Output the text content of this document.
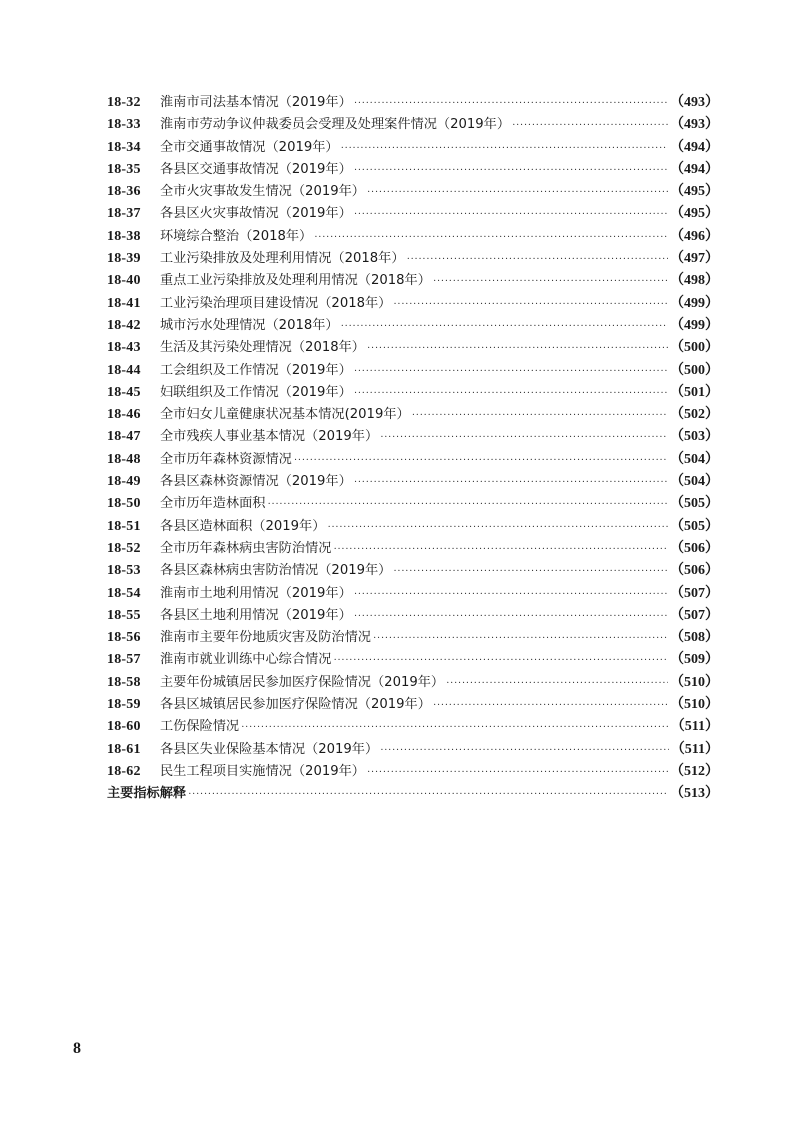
18-32	淮南市司法基本情况（2019年） ·····	（493）
18-33	淮南市劳动争议仲裁委员会受理及处理案件情况（2019年） ·····	（493）
18-34	全市交通事故情况（2019年） ·····	（494）
18-35	各县区交通事故情况（2019年） ·····	（494）
18-36	全市火灾事故发生情况（2019年） ·····	（495）
18-37	各县区火灾事故情况（2019年） ·····	（495）
18-38	环境综合整治（2018年） ·····	（496）
18-39	工业污染排放及处理利用情况（2018年） ·····	（497）
18-40	重点工业污染排放及处理利用情况（2018年） ·····	（498）
18-41	工业污染治理项目建设情况（2018年） ·····	（499）
18-42	城市污水处理情况（2018年） ·····	（499）
18-43	生活及其污染处理情况（2018年） ·····	（500）
18-44	工会组织及工作情况（2019年） ·····	（500）
18-45	妇联组织及工作情况（2019年） ·····	（501）
18-46	全市妇女儿童健康状况基本情况(2019年） ·····	（502）
18-47	全市残疾人事业基本情况（2019年） ·····	（503）
18-48	全市历年森林资源情况 ·····	（504）
18-49	各县区森林资源情况（2019年） ·····	（504）
18-50	全市历年造林面积 ·····	（505）
18-51	各县区造林面积（2019年） ·····	（505）
18-52	全市历年森林病虫害防治情况 ·····	（506）
18-53	各县区森林病虫害防治情况（2019年） ·····	（506）
18-54	淮南市土地利用情况（2019年） ·····	（507）
18-55	各县区土地利用情况（2019年） ·····	（507）
18-56	淮南市主要年份地质灾害及防治情况 ·····	（508）
18-57	淮南市就业训练中心综合情况 ·····	（509）
18-58	主要年份城镇居民参加医疗保险情况（2019年） ·····	（510）
18-59	各县区城镇居民参加医疗保险情况（2019年） ·····	（510）
18-60	工伤保险情况 ·····	（511）
18-61	各县区失业保险基本情况（2019年） ·····	（511）
18-62	民生工程项目实施情况（2019年） ·····	（512）
主要指标解释 ·····	（513）
8
